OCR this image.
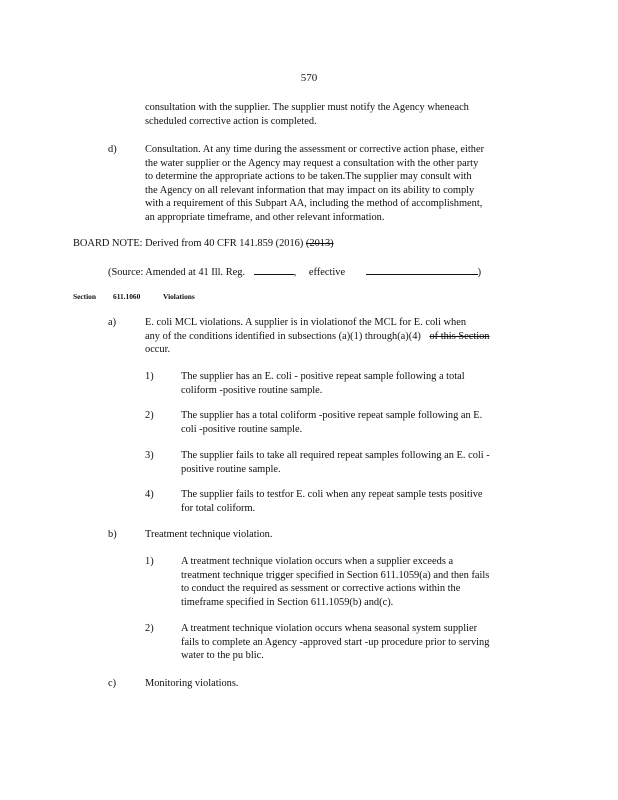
570
consultation with the supplier. The supplier must notify the Agency wheneach
scheduled corrective action is completed.
d)	Consultation. At any time during the assessment or corrective action phase, either
the water supplier or the Agency may request a consultation with the other party
to determine the appropriate actions to be taken.The supplier may consult with
the Agency on all relevant information that may impact on its ability to comply
with a requirement of this Subpart AA, including the method of accomplishment,
an appropriate timeframe, and other relevant information.
BOARD NOTE: Derived from 40 CFR 141.859 (2016) (2013)
(Source: Amended at 41 Ill. Reg.	, effective	)
Section 611.1060	Violations
a)	E. coli MCL violations. A supplier is in violationof the MCL for E. coli when
any of the conditions identified in subsections (a)(1) through(a)(4) of this Section
occur.
1)	The supplier has an E. coli - positive repeat sample following a total
coliform -positive routine sample.
2)	The supplier has a total coliform -positive repeat sample following an E.
coli -positive routine sample.
3)	The supplier fails to take all required repeat samples following an E. coli -
positive routine sample.
4)	The supplier fails to testfor E. coli when any repeat sample tests positive
for total coliform.
b)	Treatment technique violation.
1)	A treatment technique violation occurs when a supplier exceeds a
treatment technique trigger specified in Section 611.1059(a) and then fails
to conduct the required as sessment or corrective actions within the
timeframe specified in Section 611.1059(b) and(c).
2)	A treatment technique violation occurs whena seasonal system supplier
fails to complete an Agency -approved start -up procedure prior to serving
water to the pu blic.
c)	Monitoring violations.
